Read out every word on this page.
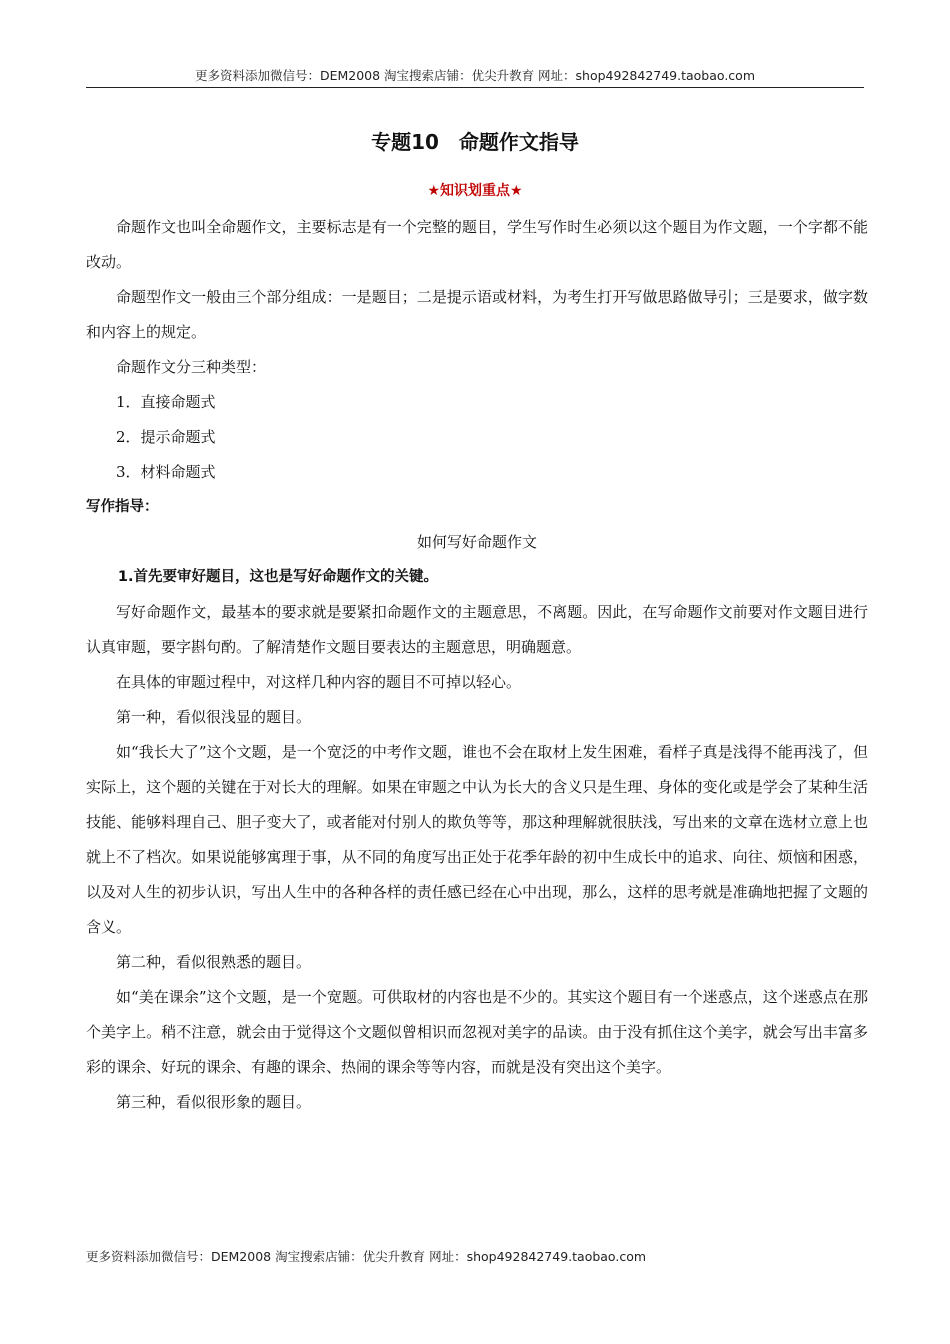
更多资料添加微信号：DEM2008 淘宝搜索店铺：优尖升教育 网址：shop492842749.taobao.com
专题10　命题作文指导
★知识划重点★

命题作文也叫全命题作文，主要标志是有一个完整的题目，学生写作时生必须以这个题目为作文题，一个字都不能改动。

命题型作文一般由三个部分组成：一是题目；二是提示语或材料，为考生打开写做思路做导引；三是要求，做字数和内容上的规定。

命题作文分三种类型：

1．直接命题式

2．提示命题式

3．材料命题式

写作指导：

如何写好命题作文

1.首先要审好题目，这也是写好命题作文的关键。

写好命题作文，最基本的要求就是要紧扣命题作文的主题意思，不离题。因此，在写命题作文前要对作文题目进行认真审题，要字斟句酌。了解清楚作文题目要表达的主题意思，明确题意。

在具体的审题过程中，对这样几种内容的题目不可掉以轻心。

第一种，看似很浅显的题目。

如“我长大了”这个文题，是一个宽泛的中考作文题，谁也不会在取材上发生困难，看样子真是浅得不能再浅了，但实际上，这个题的关键在于对长大的理解。如果在审题之中认为长大的含义只是生理、身体的变化或是学会了某种生活技能、能够料理自己、胆子变大了，或者能对付别人的欺负等等，那这种理解就很肤浅，写出来的文章在选材立意上也就上不了档次。如果说能够寓理于事，从不同的角度写出正处于花季年龄的初中生成长中的追求、向往、烦恼和困惑，以及对人生的初步认识，写出人生中的各种各样的责任感已经在心中出现，那么，这样的思考就是准确地把握了文题的含义。

第二种，看似很熟悉的题目。

如“美在课余”这个文题，是一个宽题。可供取材的内容也是不少的。其实这个题目有一个迷惑点，这个迷惑点在那个美字上。稍不注意，就会由于觉得这个文题似曾相识而忽视对美字的品读。由于没有抓住这个美字，就会写出丰富多彩的课余、好玩的课余、有趣的课余、热闹的课余等等内容，而就是没有突出这个美字。

第三种，看似很形象的题目。

更多资料添加微信号：DEM2008 淘宝搜索店铺：优尖升教育 网址：shop492842749.taobao.com
